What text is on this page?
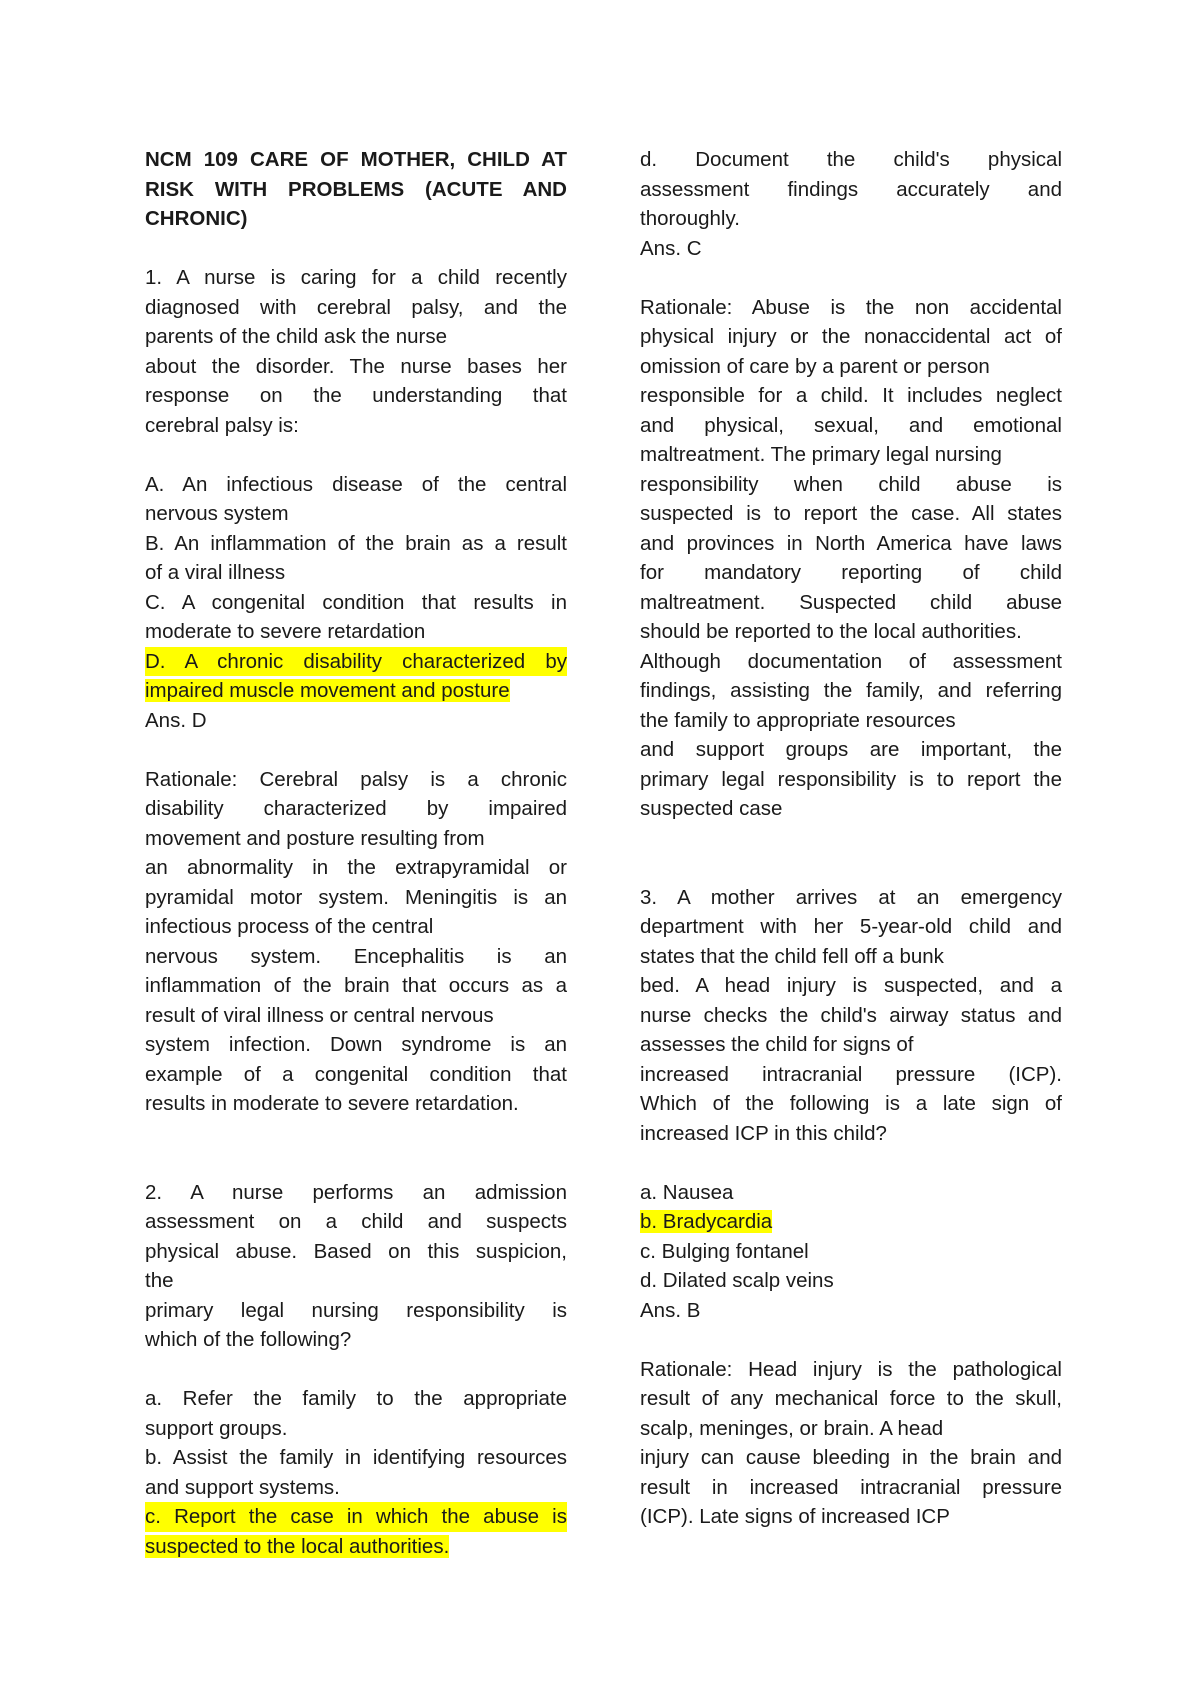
NCM 109 CARE OF MOTHER, CHILD AT
RISK WITH PROBLEMS (ACUTE AND
CHRONIC)
1. A nurse is caring for a child recently
diagnosed with cerebral palsy, and the
parents of the child ask the nurse
about the disorder. The nurse bases her
response on the understanding that
cerebral palsy is:
A. An infectious disease of the central
nervous system
B. An inflammation of the brain as a result
of a viral illness
C. A congenital condition that results in
moderate to severe retardation
D. A chronic disability characterized by
impaired muscle movement and posture
Ans. D
Rationale: Cerebral palsy is a chronic
disability characterized by impaired
movement and posture resulting from
an abnormality in the extrapyramidal or
pyramidal motor system. Meningitis is an
infectious process of the central
nervous system. Encephalitis is an
inflammation of the brain that occurs as a
result of viral illness or central nervous
system infection. Down syndrome is an
example of a congenital condition that
results in moderate to severe retardation.
2. A nurse performs an admission
assessment on a child and suspects
physical abuse. Based on this suspicion,
the
primary legal nursing responsibility is
which of the following?
a. Refer the family to the appropriate
support groups.
b. Assist the family in identifying resources
and support systems.
c. Report the case in which the abuse is
suspected to the local authorities.
d. Document the child's physical
assessment findings accurately and
thoroughly.
Ans. C
Rationale: Abuse is the non accidental
physical injury or the nonaccidental act of
omission of care by a parent or person
responsible for a child. It includes neglect
and physical, sexual, and emotional
maltreatment. The primary legal nursing
responsibility when child abuse is
suspected is to report the case. All states
and provinces in North America have laws
for mandatory reporting of child
maltreatment. Suspected child abuse
should be reported to the local authorities.
Although documentation of assessment
findings, assisting the family, and referring
the family to appropriate resources
and support groups are important, the
primary legal responsibility is to report the
suspected case
3. A mother arrives at an emergency
department with her 5-year-old child and
states that the child fell off a bunk
bed. A head injury is suspected, and a
nurse checks the child's airway status and
assesses the child for signs of
increased intracranial pressure (ICP).
Which of the following is a late sign of
increased ICP in this child?
a. Nausea
b. Bradycardia
c. Bulging fontanel
d. Dilated scalp veins
Ans. B
Rationale: Head injury is the pathological
result of any mechanical force to the skull,
scalp, meninges, or brain. A head
injury can cause bleeding in the brain and
result in increased intracranial pressure
(ICP). Late signs of increased ICP
